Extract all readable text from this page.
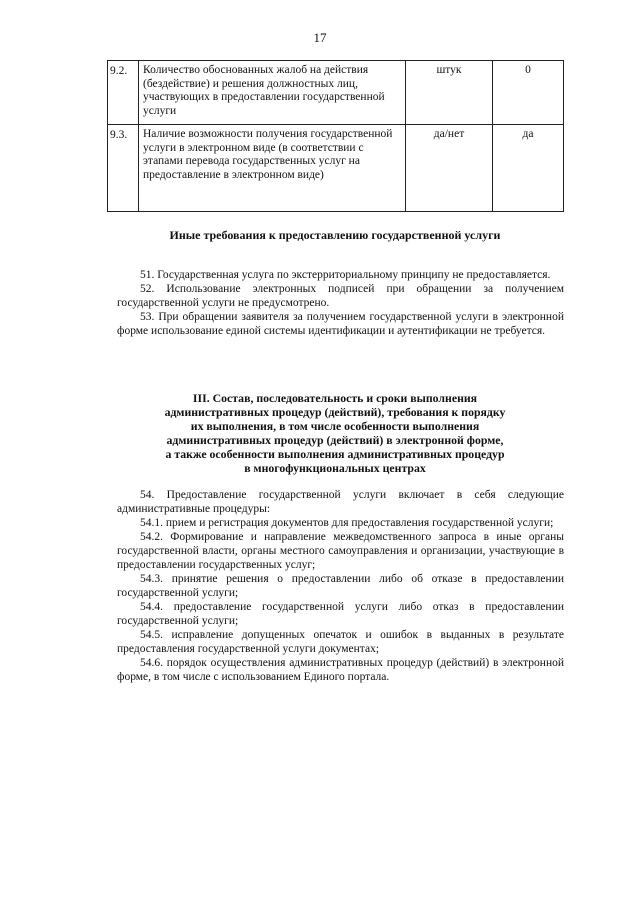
17
9.2.	Количество обоснованных жалоб на действия (бездействие) и решения должностных лиц, участвующих в предоставлении государственной услуги	штук	0
9.3.	Наличие возможности получения государственной услуги в электронном виде (в соответствии с этапами перевода государственных услуг на предоставление в электронном виде)	да/нет	да
Иные требования к предоставлению государственной услуги

51. Государственная услуга по экстерриториальному принципу не предоставляется.

52. Использование электронных подписей при обращении за получением государственной услуги не предусмотрено.

53. При обращении заявителя за получением государственной услуги в электронной форме использование единой системы идентификации и аутентификации не требуется.

III. Состав, последовательность и сроки выполнения
административных процедур (действий), требования к порядку
их выполнения, в том числе особенности выполнения
административных процедур (действий) в электронной форме,
а также особенности выполнения административных процедур
в многофункциональных центрах

54. Предоставление государственной услуги включает в себя следующие административные процедуры:

54.1. прием и регистрация документов для предоставления государственной услуги;

54.2. Формирование и направление межведомственного запроса в иные органы государственной власти, органы местного самоуправления и организации, участвующие в предоставлении государственных услуг;

54.3. принятие решения о предоставлении либо об отказе в предоставлении государственной услуги;

54.4. предоставление государственной услуги либо отказ в предоставлении государственной услуги;

54.5. исправление допущенных опечаток и ошибок в выданных в результате предоставления государственной услуги документах;

54.6. порядок осуществления административных процедур (действий) в электронной форме, в том числе с использованием Единого портала.
